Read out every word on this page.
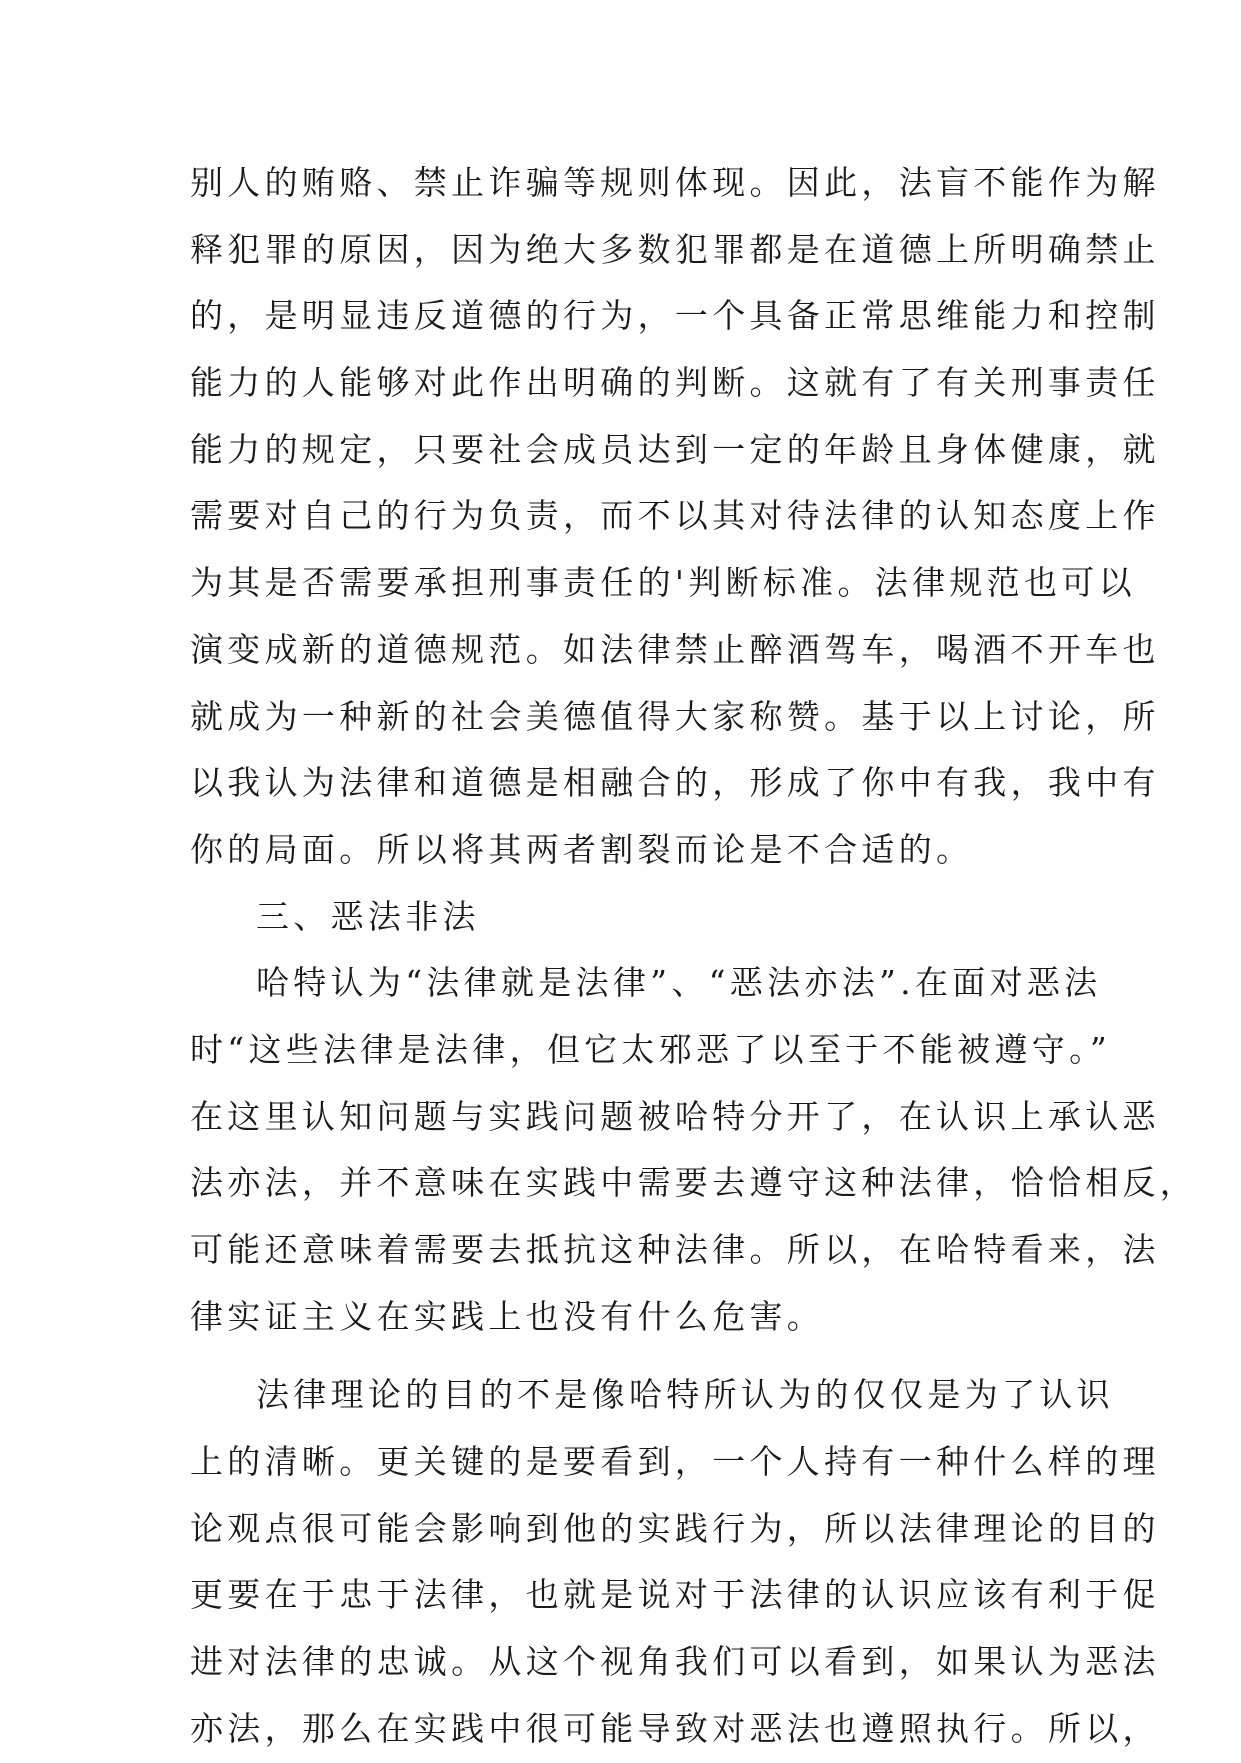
别人的贿赂、禁止诈骗等规则体现。因此，法盲不能作为解
释犯罪的原因，因为绝大多数犯罪都是在道德上所明确禁止
的，是明显违反道德的行为，一个具备正常思维能力和控制
能力的人能够对此作出明确的判断。这就有了有关刑事责任
能力的规定，只要社会成员达到一定的年龄且身体健康，就
需要对自己的行为负责，而不以其对待法律的认知态度上作
为其是否需要承担刑事责任的'判断标准。法律规范也可以
演变成新的道德规范。如法律禁止醉酒驾车，喝酒不开车也
就成为一种新的社会美德值得大家称赞。基于以上讨论，所
以我认为法律和道德是相融合的，形成了你中有我，我中有
你的局面。所以将其两者割裂而论是不合适的。
三、恶法非法
哈特认为“法律就是法律”、“恶法亦法”.在面对恶法
时“这些法律是法律，但它太邪恶了以至于不能被遵守。”
在这里认知问题与实践问题被哈特分开了，在认识上承认恶
法亦法，并不意味在实践中需要去遵守这种法律，恰恰相反，
可能还意味着需要去抵抗这种法律。所以，在哈特看来，法
律实证主义在实践上也没有什么危害。
法律理论的目的不是像哈特所认为的仅仅是为了认识
上的清晰。更关键的是要看到，一个人持有一种什么样的理
论观点很可能会影响到他的实践行为，所以法律理论的目的
更要在于忠于法律，也就是说对于法律的认识应该有利于促
进对法律的忠诚。从这个视角我们可以看到，如果认为恶法
亦法，那么在实践中很可能导致对恶法也遵照执行。所以，
